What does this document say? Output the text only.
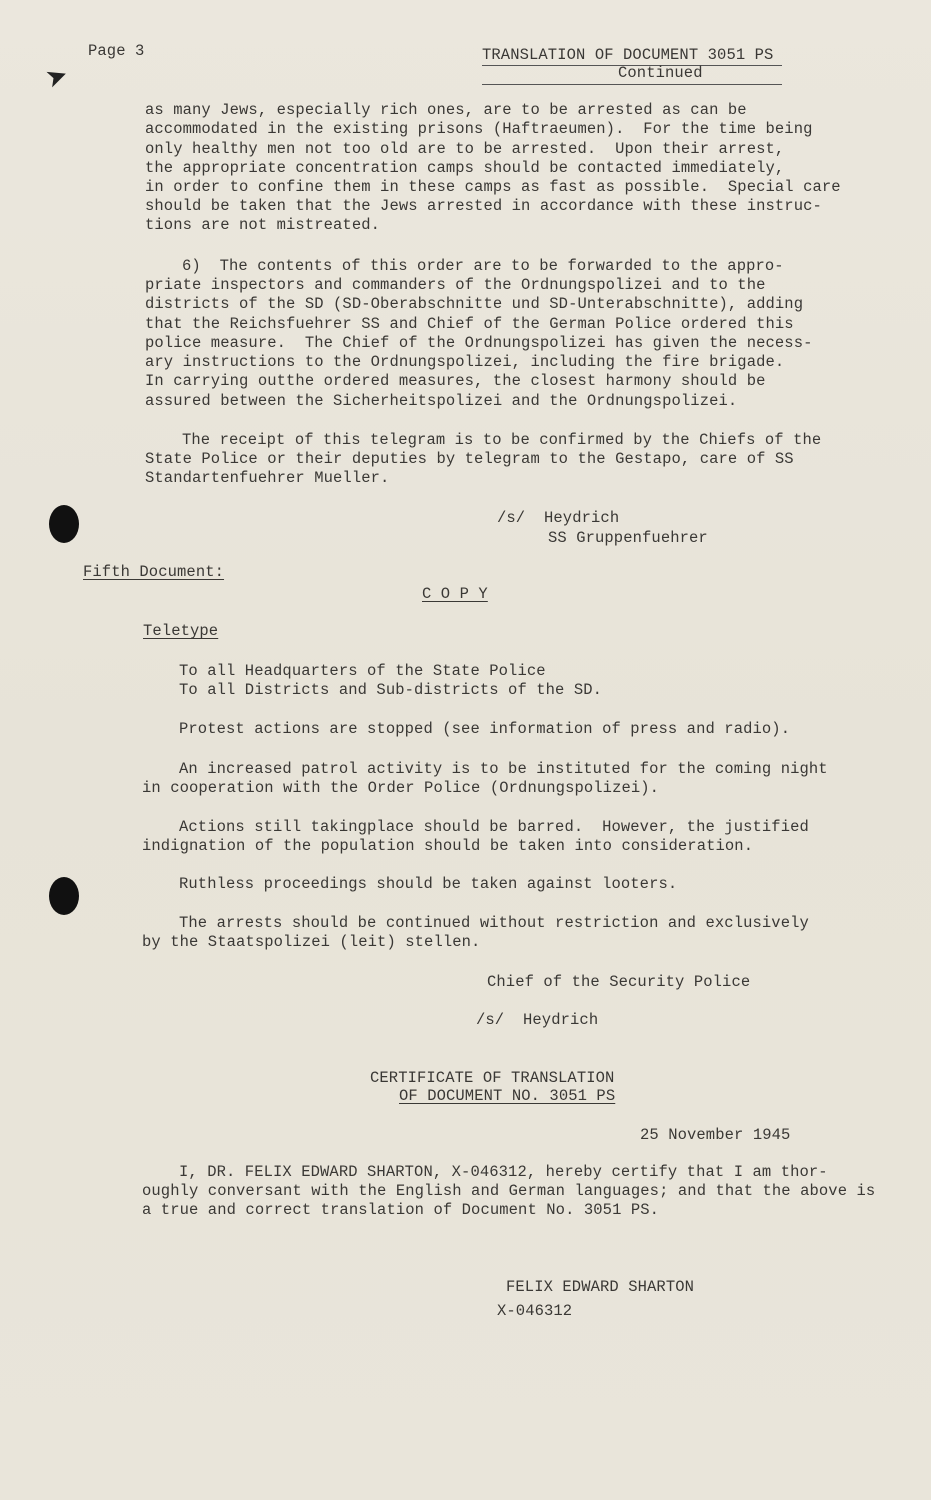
➤
Page 3	TRANSLATION OF DOCUMENT 3051 PS
Continued
as many Jews, especially rich ones, are to be arrested as can be
accommodated in the existing prisons (Haftraeumen).  For the time being
only healthy men not too old are to be arrested.  Upon their arrest,
the appropriate concentration camps should be contacted immediately,
in order to confine them in these camps as fast as possible.  Special care
should be taken that the Jews arrested in accordance with these instruc-
tions are not mistreated.
6)  The contents of this order are to be forwarded to the appro-
priate inspectors and commanders of the Ordnungspolizei and to the
districts of the SD (SD-Oberabschnitte und SD-Unterabschnitte), adding
that the Reichsfuehrer SS and Chief of the German Police ordered this
police measure.  The Chief of the Ordnungspolizei has given the necess-
ary instructions to the Ordnungspolizei, including the fire brigade.
In carrying outthe ordered measures, the closest harmony should be
assured between the Sicherheitspolizei and the Ordnungspolizei.
The receipt of this telegram is to be confirmed by the Chiefs of the
State Police or their deputies by telegram to the Gestapo, care of SS
Standartenfuehrer Mueller.
/s/  Heydrich
SS Gruppenfuehrer
Fifth Document:
C O P Y
Teletype
To all Headquarters of the State Police
To all Districts and Sub-districts of the SD.
Protest actions are stopped (see information of press and radio).
An increased patrol activity is to be instituted for the coming night
in cooperation with the Order Police (Ordnungspolizei).
Actions still takingplace should be barred.  However, the justified
indignation of the population should be taken into consideration.
Ruthless proceedings should be taken against looters.
The arrests should be continued without restriction and exclusively
by the Staatspolizei (leit) stellen.
Chief of the Security Police
/s/  Heydrich
CERTIFICATE OF TRANSLATION
OF DOCUMENT NO. 3051 PS
25 November 1945
I, DR. FELIX EDWARD SHARTON, X-046312, hereby certify that I am thor-
oughly conversant with the English and German languages; and that the above is
a true and correct translation of Document No. 3051 PS.
FELIX EDWARD SHARTON
X-046312
